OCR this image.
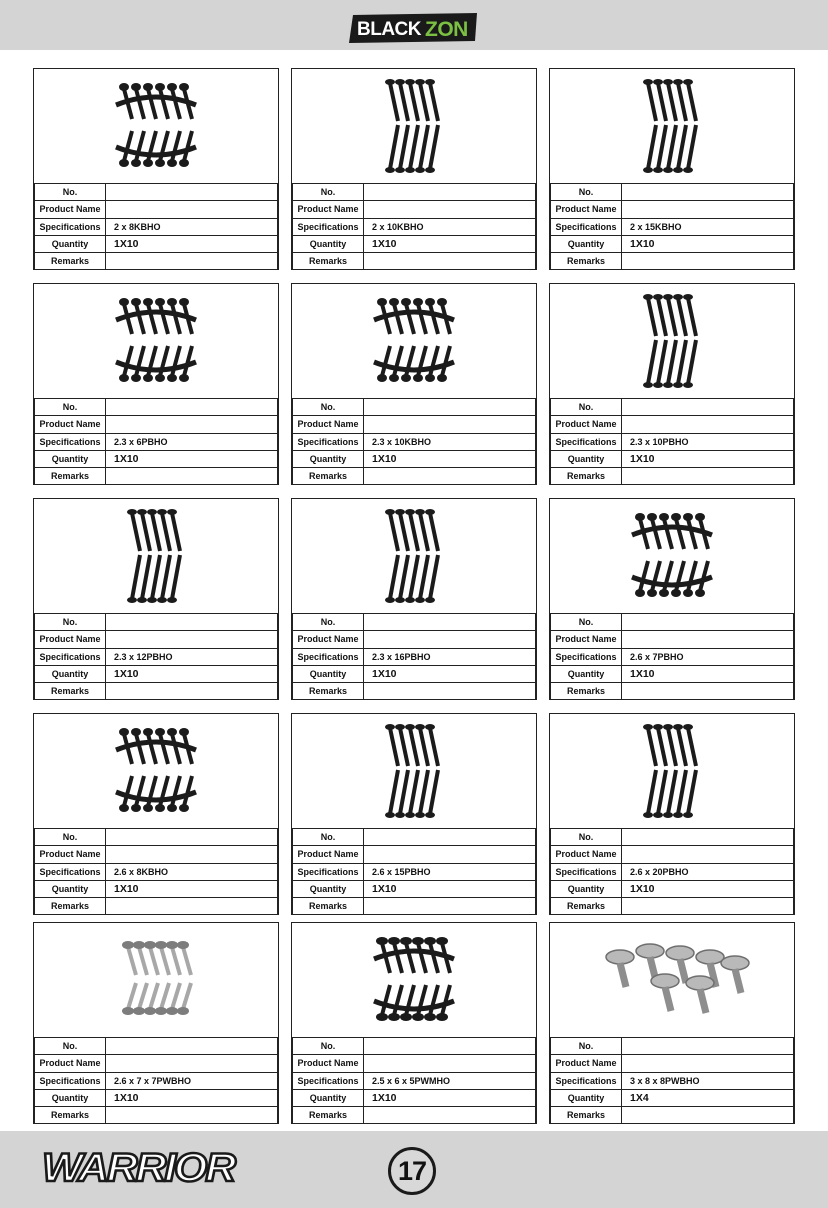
BLACK ZON
No.	
Product Name	
Specifications	2 x 8KBHO
Quantity	1X10
Remarks	
No.	
Product Name	
Specifications	2 x 10KBHO
Quantity	1X10
Remarks	
No.	
Product Name	
Specifications	2 x 15KBHO
Quantity	1X10
Remarks	
No.	
Product Name	
Specifications	2.3 x 6PBHO
Quantity	1X10
Remarks	
No.	
Product Name	
Specifications	2.3 x 10KBHO
Quantity	1X10
Remarks	
No.	
Product Name	
Specifications	2.3 x 10PBHO
Quantity	1X10
Remarks	
No.	
Product Name	
Specifications	2.3 x 12PBHO
Quantity	1X10
Remarks	
No.	
Product Name	
Specifications	2.3 x 16PBHO
Quantity	1X10
Remarks	
No.	
Product Name	
Specifications	2.6 x 7PBHO
Quantity	1X10
Remarks	
No.	
Product Name	
Specifications	2.6 x 8KBHO
Quantity	1X10
Remarks	
No.	
Product Name	
Specifications	2.6 x 15PBHO
Quantity	1X10
Remarks	
No.	
Product Name	
Specifications	2.6 x 20PBHO
Quantity	1X10
Remarks	
No.	
Product Name	
Specifications	2.6 x 7 x 7PWBHO
Quantity	1X10
Remarks	
No.	
Product Name	
Specifications	2.5 x 6 x 5PWMHO
Quantity	1X10
Remarks	
No.	
Product Name	
Specifications	3 x 8 x 8PWBHO
Quantity	1X4
Remarks	
WARRIOR	17
